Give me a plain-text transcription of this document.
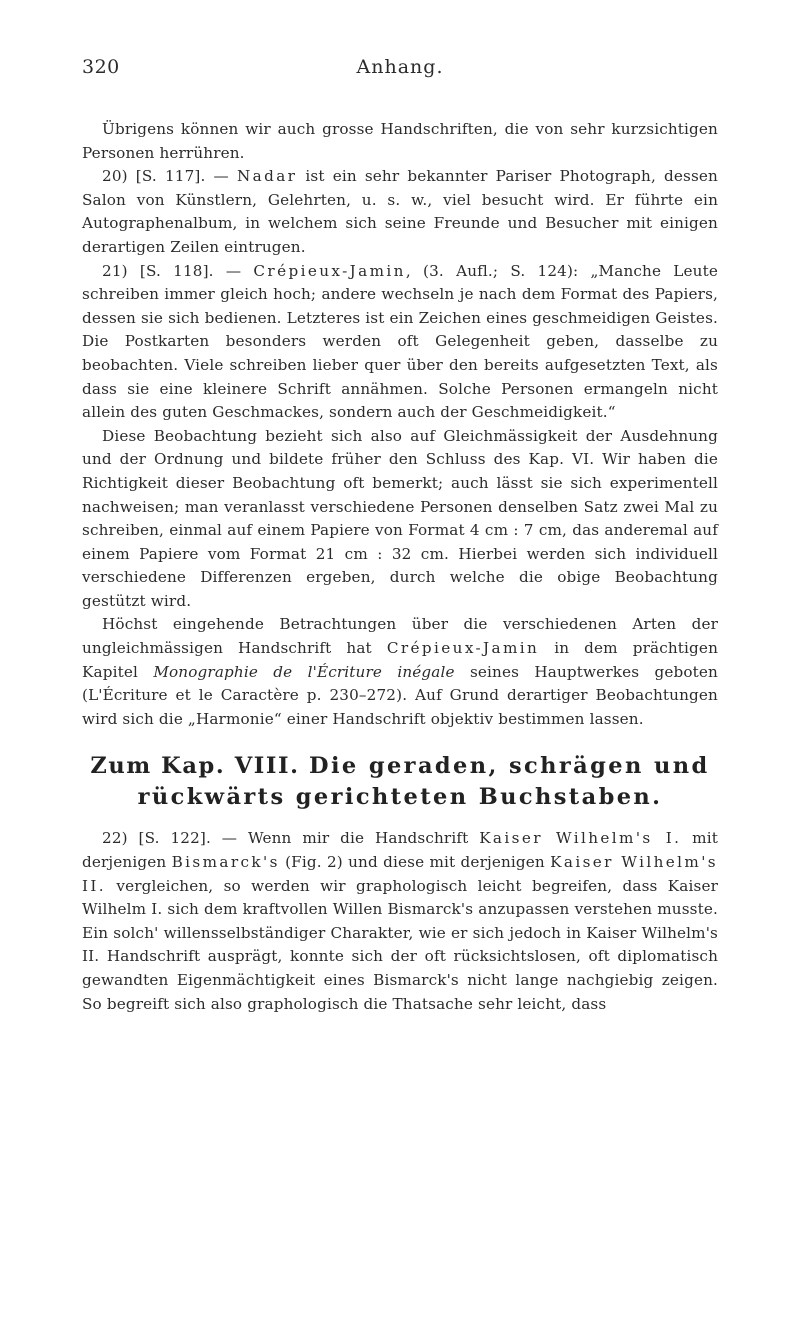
320	Anhang.

Übrigens können wir auch grosse Handschriften, die von sehr kurzsichtigen Personen herrühren.

20) [S. 117]. — Nadar ist ein sehr bekannter Pariser Photograph, dessen Salon von Künstlern, Gelehrten, u. s. w., viel besucht wird. Er führte ein Autographenalbum, in welchem sich seine Freunde und Besucher mit einigen derartigen Zeilen eintrugen.

21) [S. 118]. — Crépieux-Jamin, (3. Aufl.; S. 124): „Manche Leute schreiben immer gleich hoch; andere wechseln je nach dem Format des Papiers, dessen sie sich bedienen. Letzteres ist ein Zeichen eines geschmeidigen Geistes. Die Postkarten besonders werden oft Gelegenheit geben, dasselbe zu beobachten. Viele schreiben lieber quer über den bereits aufgesetzten Text, als dass sie eine kleinere Schrift annähmen. Solche Personen ermangeln nicht allein des guten Geschmackes, sondern auch der Geschmeidigkeit.“

Diese Beobachtung bezieht sich also auf Gleichmässigkeit der Ausdehnung und der Ordnung und bildete früher den Schluss des Kap. VI. Wir haben die Richtigkeit dieser Beobachtung oft bemerkt; auch lässt sie sich experimentell nachweisen; man veranlasst verschiedene Personen denselben Satz zwei Mal zu schreiben, einmal auf einem Papiere von Format 4 cm : 7 cm, das anderemal auf einem Papiere vom Format 21 cm : 32 cm. Hierbei werden sich individuell verschiedene Differenzen ergeben, durch welche die obige Beobachtung gestützt wird.

Höchst eingehende Betrachtungen über die verschiedenen Arten der ungleichmässigen Handschrift hat Crépieux-Jamin in dem prächtigen Kapitel Monographie de l'Écriture inégale seines Hauptwerkes geboten (L'Écriture et le Caractère p. 230–272). Auf Grund derartiger Beobachtungen wird sich die „Harmonie“ einer Handschrift objektiv bestimmen lassen.

Zum Kap. VIII. Die geraden, schrägen und
rückwärts gerichteten Buchstaben.

22) [S. 122]. — Wenn mir die Handschrift Kaiser Wilhelm's I. mit derjenigen Bismarck's (Fig. 2) und diese mit derjenigen Kaiser Wilhelm's II. vergleichen, so werden wir graphologisch leicht begreifen, dass Kaiser Wilhelm I. sich dem kraftvollen Willen Bismarck's anzupassen verstehen musste. Ein solch' willensselbständiger Charakter, wie er sich jedoch in Kaiser Wilhelm's II. Handschrift ausprägt, konnte sich der oft rücksichtslosen, oft diplomatisch gewandten Eigenmächtigkeit eines Bismarck's nicht lange nachgiebig zeigen. So begreift sich also graphologisch die Thatsache sehr leicht, dass
